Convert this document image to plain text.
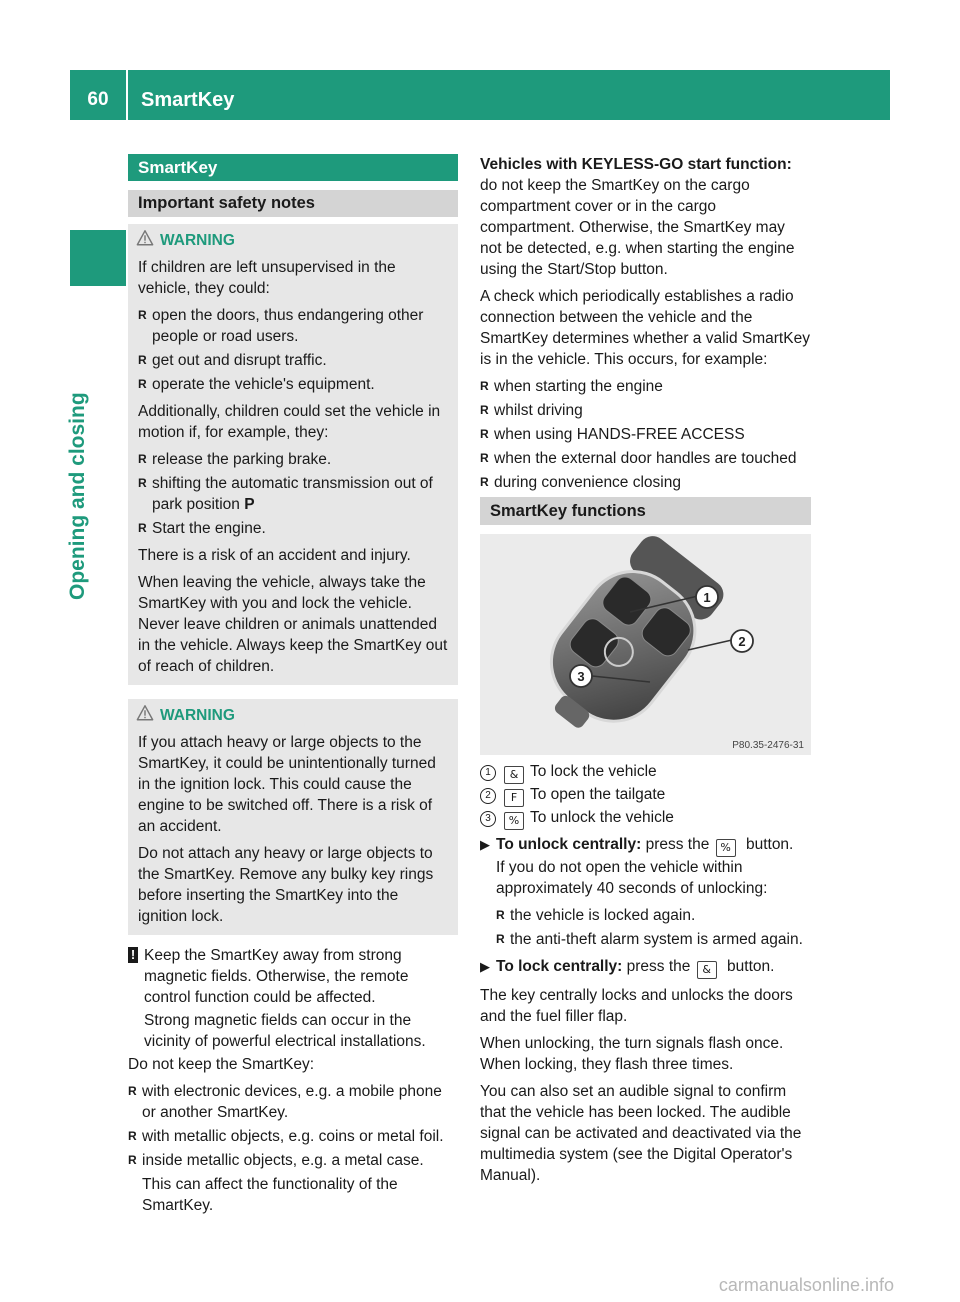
60	SmartKey
Opening and closing
SmartKey
Important safety notes
WARNING

If children are left unsupervised in the vehicle, they could:

R open the doors, thus endangering other people or road users.
R get out and disrupt traffic.
R operate the vehicle's equipment.

Additionally, children could set the vehicle in motion if, for example, they:

R release the parking brake.
R shifting the automatic transmission out of park position P
R Start the engine.

There is a risk of an accident and injury.

When leaving the vehicle, always take the SmartKey with you and lock the vehicle. Never leave children or animals unattended in the vehicle. Always keep the SmartKey out of reach of children.

WARNING

If you attach heavy or large objects to the SmartKey, it could be unintentionally turned in the ignition lock. This could cause the engine to be switched off. There is a risk of an accident.

Do not attach any heavy or large objects to the SmartKey. Remove any bulky key rings before inserting the SmartKey into the ignition lock.

! Keep the SmartKey away from strong magnetic fields. Otherwise, the remote control function could be affected.

Strong magnetic fields can occur in the vicinity of powerful electrical installations.

Do not keep the SmartKey:

R with electronic devices, e.g. a mobile phone or another SmartKey.
R with metallic objects, e.g. coins or metal foil.
R inside metallic objects, e.g. a metal case.

This can affect the functionality of the SmartKey.

Vehicles with KEYLESS-GO start function: do not keep the SmartKey on the cargo compartment cover or in the cargo compartment. Otherwise, the SmartKey may not be detected, e.g. when starting the engine using the Start/Stop button.

A check which periodically establishes a radio connection between the vehicle and the SmartKey determines whether a valid SmartKey is in the vehicle. This occurs, for example:

R when starting the engine
R whilst driving
R when using HANDS-FREE ACCESS
R when the external door handles are touched
R during convenience closing
SmartKey functions
1
2
3
P80.35-2476-31
1 & To lock the vehicle
2 F To open the tailgate
3 % To unlock the vehicle
▶ To unlock centrally: press the % button.

If you do not open the vehicle within approximately 40 seconds of unlocking:

R the vehicle is locked again.
R the anti-theft alarm system is armed again.
▶ To lock centrally: press the & button.

The key centrally locks and unlocks the doors and the fuel filler flap.

When unlocking, the turn signals flash once. When locking, they flash three times.

You can also set an audible signal to confirm that the vehicle has been locked. The audible signal can be activated and deactivated via the multimedia system (see the Digital Operator's Manual).

carmanualsonline.info
